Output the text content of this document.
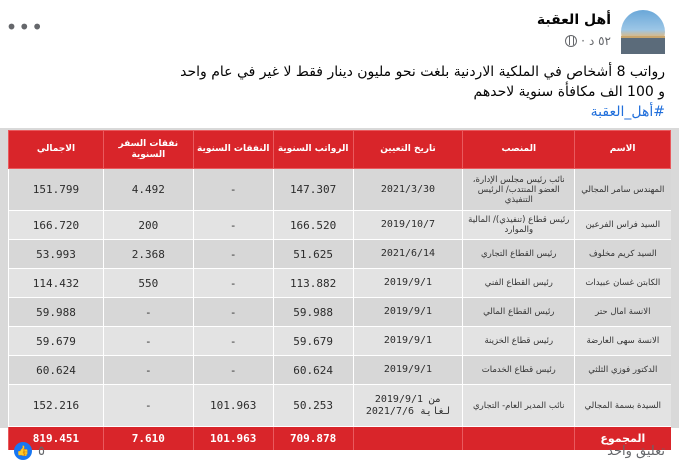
أهل العقبة
٥٢ د
·
•••
رواتب 8 أشخاص في الملكية الاردنية بلغت نحو مليون دينار فقط لا غير في عام واحد
و 100 الف مكافأة سنوية لاحدهم
#أهل_العقبة
الاسم	المنصب	تاريخ التعيين	الرواتب السنوية	النفقات السنوية	نفقات السفر السنوية	الاجمالي
المهندس سامر المجالي	نائب رئيس مجلس الإدارة، العضو المنتدب/ الرئيس التنفيذي	2021/3/30	147.307	-	4.492	151.799
السيد فراس الفرعين	رئيس قطاع (تنفيذي)/ المالية والموارد	2019/10/7	166.520	-	200	166.720
السيد كريم مخلوف	رئيس القطاع التجاري	2021/6/14	51.625	-	2.368	53.993
الكابتن غسان عبيدات	رئيس القطاع الفني	2019/9/1	113.882	-	550	114.432
الانسة امال حتر	رئيس القطاع المالي	2019/9/1	59.988	-	-	59.988
الانسة سهى العارضة	رئيس قطاع الخزينة	2019/9/1	59.679	-	-	59.679
الدكتور فوزي الثلثي	رئيس قطاع الخدمات	2019/9/1	60.624	-	-	60.624
السيدة بسمة المجالي	نائب المدير العام- التجاري	من 2019/9/1 لغاية 2021/7/6	50.253	101.963	-	152.216
المجموع			709.878	101.963	7.610	819.451
تعليق واحد
👍 ٥
